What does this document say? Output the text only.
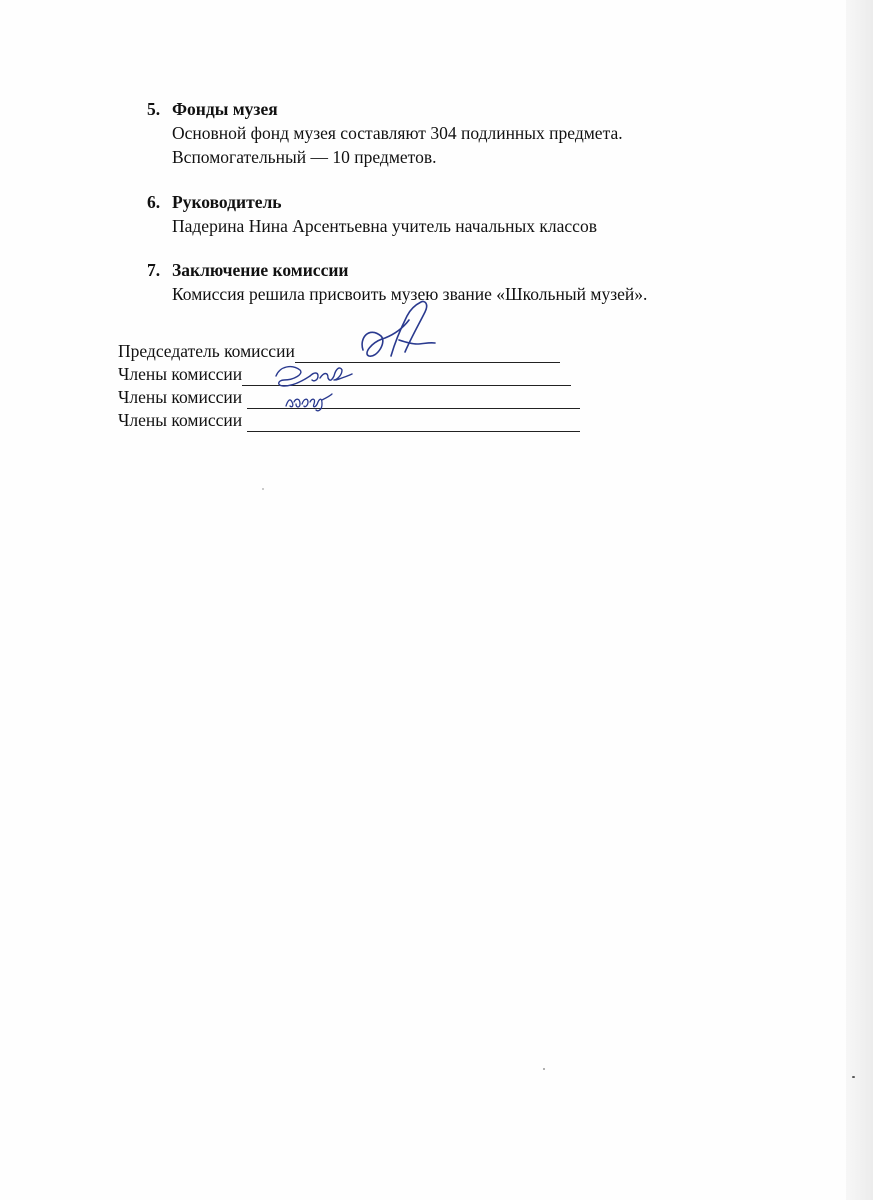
5. Фонды музея
Основной фонд музея составляют 304 подлинных предмета.
Вспомогательный — 10 предметов.
6. Руководитель
Падерина Нина Арсентьевна учитель начальных классов
7. Заключение комиссии
Комиссия решила присвоить музею звание «Школьный музей».
Председатель комиссии
Члены комиссии
Члены комиссии
Члены комиссии
